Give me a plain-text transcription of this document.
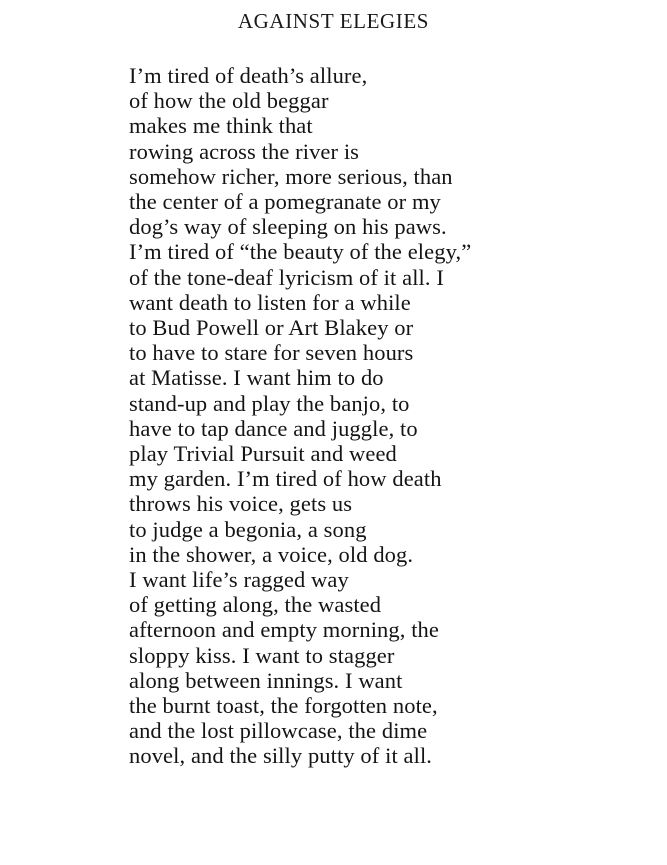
AGAINST ELEGIES
I’m tired of death’s allure,
of how the old beggar
makes me think that
rowing across the river is
somehow richer, more serious, than
the center of a pomegranate or my
dog’s way of sleeping on his paws.
I’m tired of “the beauty of the elegy,”
of the tone-deaf lyricism of it all. I
want death to listen for a while
to Bud Powell or Art Blakey or
to have to stare for seven hours
at Matisse. I want him to do
stand-up and play the banjo, to
have to tap dance and juggle, to
play Trivial Pursuit and weed
my garden. I’m tired of how death
throws his voice, gets us
to judge a begonia, a song
in the shower, a voice, old dog.
I want life’s ragged way
of getting along, the wasted
afternoon and empty morning, the
sloppy kiss. I want to stagger
along between innings. I want
the burnt toast, the forgotten note,
and the lost pillowcase, the dime
novel, and the silly putty of it all.
